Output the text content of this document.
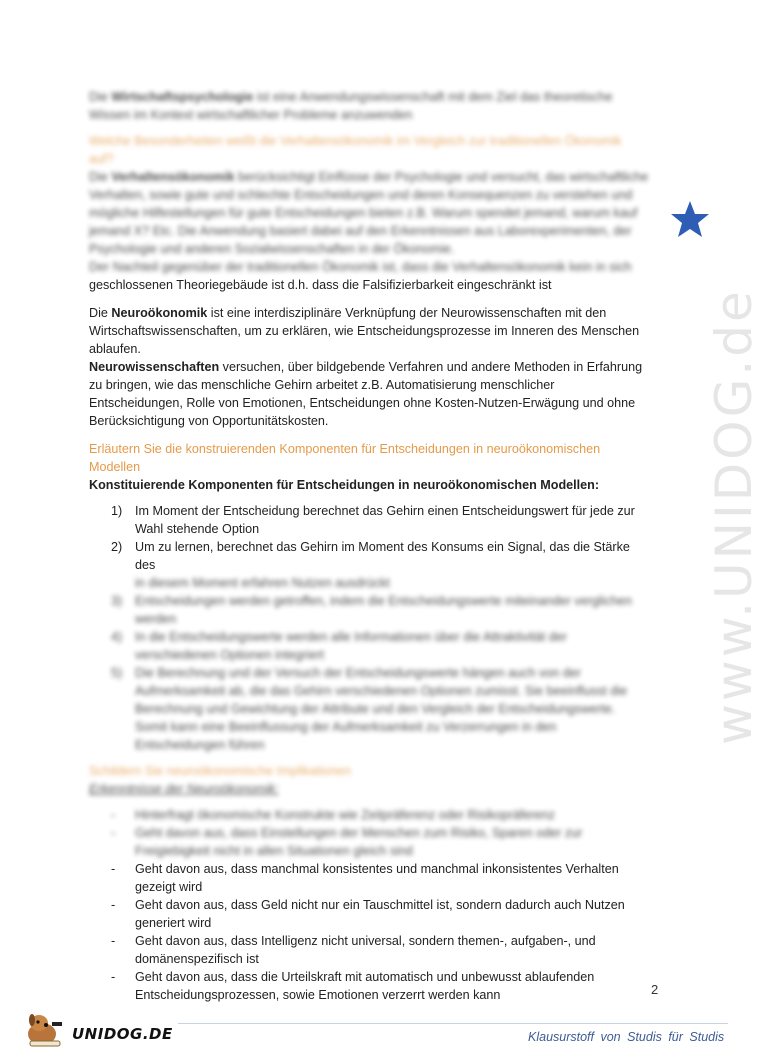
Die Wirtschaftspsychologie ist eine Anwendungswissenschaft mit dem Ziel das theoretische Wissen im Kontext wirtschaftlicher Probleme anzuwenden

Welche Besonderheiten weißt die Verhaltensökonomik im Vergleich zur traditionellen Ökonomik auf?

Die Verhaltensökonomik berücksichtigt Einflüsse der Psychologie und versucht, das wirtschaftliche Verhalten, sowie gute und schlechte Entscheidungen und deren Konsequenzen zu verstehen und mögliche Hilfestellungen für gute Entscheidungen bieten z.B. Warum spendet jemand, warum kauf jemand X? Etc. Die Anwendung basiert dabei auf den Erkenntnissen aus Laborexperimenten, der Psychologie und anderen Sozialwissenschaften in der Ökonomie.

Der Nachteil gegenüber der traditionellen Ökonomik ist, dass die Verhaltensökonomik kein in sich

geschlossenen Theoriegebäude ist d.h. dass die Falsifizierbarkeit eingeschränkt ist

Die Neuroökonomik ist eine interdisziplinäre Verknüpfung der Neurowissenschaften mit den Wirtschaftswissenschaften, um zu erklären, wie Entscheidungsprozesse im Inneren des Menschen ablaufen.

Neurowissenschaften versuchen, über bildgebende Verfahren und andere Methoden in Erfahrung zu bringen, wie das menschliche Gehirn arbeitet z.B. Automatisierung menschlicher Entscheidungen, Rolle von Emotionen, Entscheidungen ohne Kosten-Nutzen-Erwägung und ohne Berücksichtigung von Opportunitätskosten.

Erläutern Sie die konstruierenden Komponenten für Entscheidungen in neuroökonomischen Modellen

Konstituierende Komponenten für Entscheidungen in neuroökonomischen Modellen:

1) Im Moment der Entscheidung berechnet das Gehirn einen Entscheidungswert für jede zur Wahl stehende Option
2) Um zu lernen, berechnet das Gehirn im Moment des Konsums ein Signal, das die Stärke des
in diesem Moment erfahren Nutzen ausdrückt
3) Entscheidungen werden getroffen, indem die Entscheidungswerte miteinander verglichen werden
4) In die Entscheidungswerte werden alle Informationen über die Attraktivität der verschiedenen Optionen integriert
5) Die Berechnung und der Versuch der Entscheidungswerte hängen auch von der Aufmerksamkeit ab, die das Gehirn verschiedenen Optionen zumisst. Sie beeinflusst die Berechnung und Gewichtung der Attribute und den Vergleich der Entscheidungswerte. Somit kann eine Beeinflussung der Aufmerksamkeit zu Verzerrungen in den Entscheidungen führen

Schildern Sie neuroökonomische Implikationen

Erkenntnisse der Neuroökonomik:

- Hinterfragt ökonomische Konstrukte wie Zeitpräferenz oder Risikopräferenz
- Geht davon aus, dass Einstellungen der Menschen zum Risiko, Sparen oder zur Freigiebigkeit nicht in allen Situationen gleich sind
- Geht davon aus, dass manchmal konsistentes und manchmal inkonsistentes Verhalten gezeigt wird
- Geht davon aus, dass Geld nicht nur ein Tauschmittel ist, sondern dadurch auch Nutzen generiert wird
- Geht davon aus, dass Intelligenz nicht universal, sondern themen-, aufgaben-, und domänenspezifisch ist
- Geht davon aus, dass die Urteilskraft mit automatisch und unbewusst ablaufenden Entscheidungsprozessen, sowie Emotionen verzerrt werden kann
www.UNIDOG.de
2
UNIDOG.DE	Klausurstoff von Studis für Studis
